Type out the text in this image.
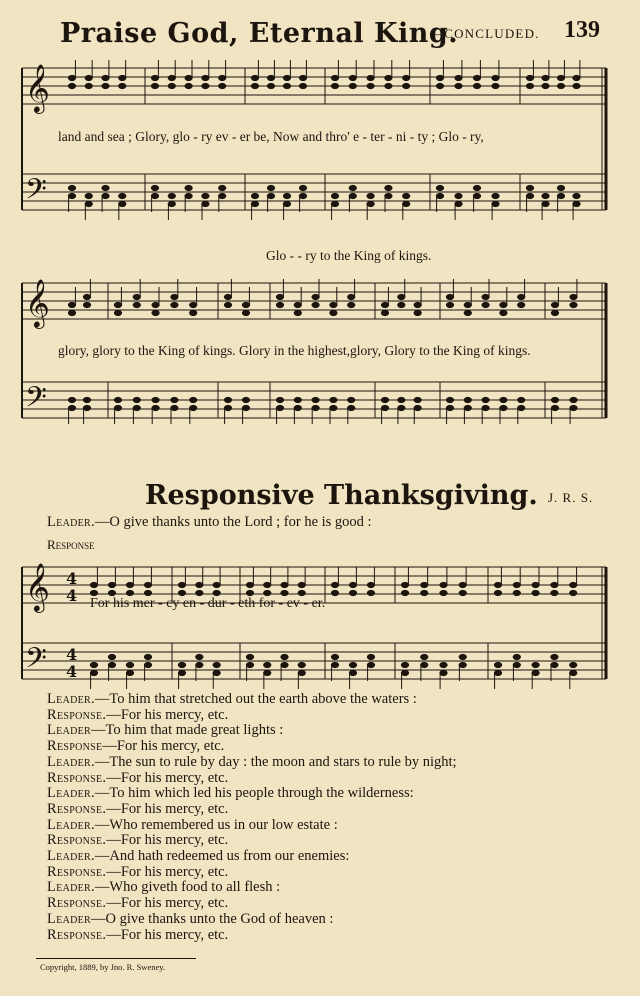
Praise God, Eternal King.
—CONCLUDED. 139
𝄞
𝄢
𝄞
𝄢
𝄞 4
4
𝄢 4
4
land and sea ; Glory, glo - ry ev - er be, Now and thro' e - ter - ni - ty ; Glo - ry,
Glo - - ry to the King of kings.
glory, glory to the King of kings. Glory in the highest,glory, Glory to the King of kings.
Responsive Thanksgiving. J. R. S.
Leader.—O give thanks unto the Lord ; for he is good :
Response
For his mer - cy en - dur - eth for - ev - er.
Leader.—To him that stretched out the earth above the waters :
Response.—For his mercy, etc.
Leader—To him that made great lights :
Response—For his mercy, etc.
Leader.—The sun to rule by day : the moon and stars to rule by night;
Response.—For his mercy, etc.
Leader.—To him which led his people through the wilderness:
Response.—For his mercy, etc.
Leader.—Who remembered us in our low estate :
Response.—For his mercy, etc.
Leader.—And hath redeemed us from our enemies:
Response.—For his mercy, etc.
Leader.—Who giveth food to all flesh :
Response.—For his mercy, etc.
Leader—O give thanks unto the God of heaven :
Response.—For his mercy, etc.
Copyright, 1889, by Jno. R. Sweney.
